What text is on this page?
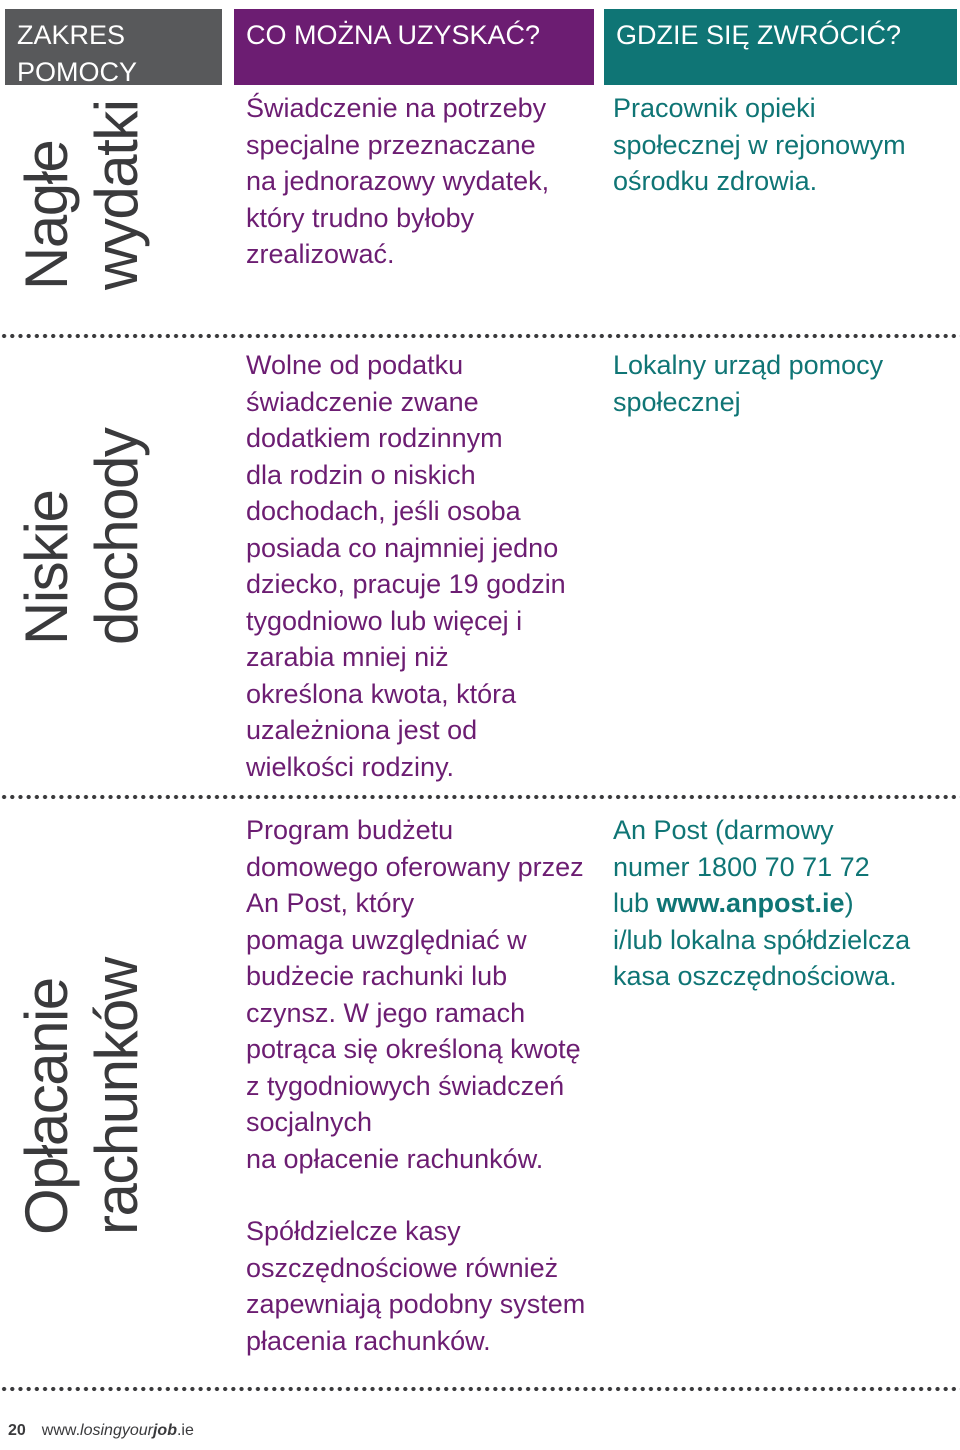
ZAKRES POMOCY
CO MOŻNA UZYSKAĆ?	GDZIE SIĘ ZWRÓCIĆ?
Nagłe wydatki	Świadczenie na potrzeby
specjalne przeznaczane
na jednorazowy wydatek,
który trudno byłoby
zrealizować.
Pracownik opieki
społecznej w rejonowym
ośrodku zdrowia.
Niskie dochody
Wolne od podatku
świadczenie zwane
dodatkiem rodzinnym
dla rodzin o niskich
dochodach, jeśli osoba
posiada co najmniej jedno
dziecko, pracuje 19 godzin
tygodniowo lub więcej i
zarabia mniej niż
określona kwota, która
uzależniona jest od
wielkości rodziny.
Lokalny urząd pomocy
społecznej
Opłacanie rachunków
Program budżetu
domowego oferowany przez
An Post, który
pomaga uwzględniać w
budżecie rachunki lub
czynsz. W jego ramach
potrąca się określoną kwotę
z tygodniowych świadczeń
socjalnych
na opłacenie rachunków.
Spółdzielcze kasy
oszczędnościowe również
zapewniają podobny system
płacenia rachunków.
An Post (darmowy
numer 1800 70 71 72
lub www.anpost.ie)
i/lub lokalna spółdzielcza
kasa oszczędnościowa.
20 www.losingyourjob.ie
